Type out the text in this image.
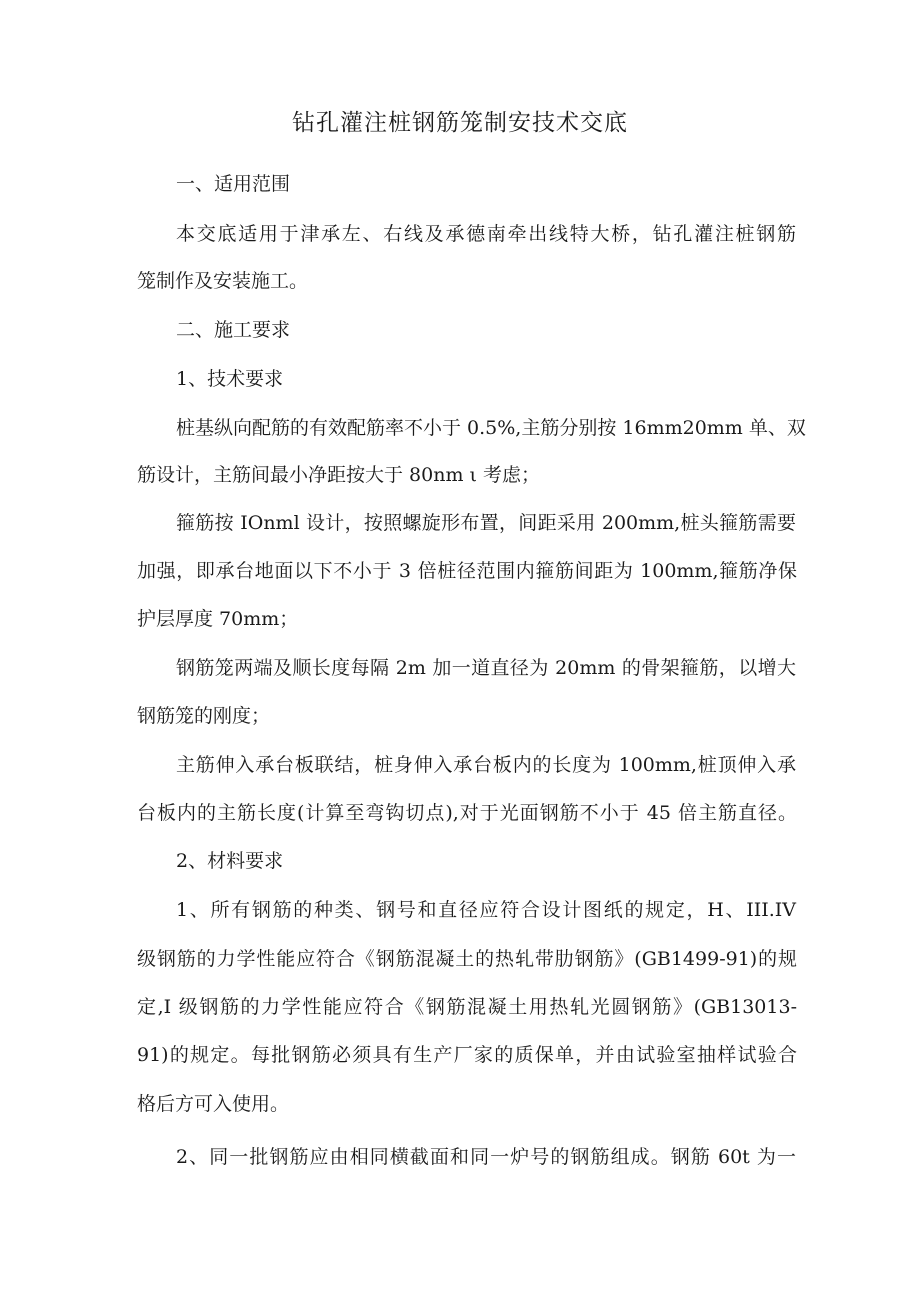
钻孔灌注桩钢筋笼制安技术交底
一、适用范围
本交底适用于津承左、右线及承德南牵出线特大桥，钻孔灌注桩钢筋
笼制作及安装施工。
二、施工要求
1、技术要求
桩基纵向配筋的有效配筋率不小于 0.5%,主筋分别按 16mm20mm 单、双
筋设计，主筋间最小净距按大于 80nm ι 考虑；
箍筋按 IOnml 设计，按照螺旋形布置，间距采用 200mm,桩头箍筋需要
加强，即承台地面以下不小于 3 倍桩径范围内箍筋间距为 100mm,箍筋净保
护层厚度 70mm；
钢筋笼两端及顺长度每隔 2m 加一道直径为 20mm 的骨架箍筋，以增大
钢筋笼的刚度；
主筋伸入承台板联结，桩身伸入承台板内的长度为 100mm,桩顶伸入承
台板内的主筋长度(计算至弯钩切点),对于光面钢筋不小于 45 倍主筋直径。
2、材料要求
1、所有钢筋的种类、钢号和直径应符合设计图纸的规定，H、III.IV
级钢筋的力学性能应符合《钢筋混凝土的热轧带肋钢筋》(GB1499-91)的规
定,I 级钢筋的力学性能应符合《钢筋混凝土用热轧光圆钢筋》(GB13013-
91)的规定。每批钢筋必须具有生产厂家的质保单，并由试验室抽样试验合
格后方可入使用。
2、同一批钢筋应由相同横截面和同一炉号的钢筋组成。钢筋 60t 为一
